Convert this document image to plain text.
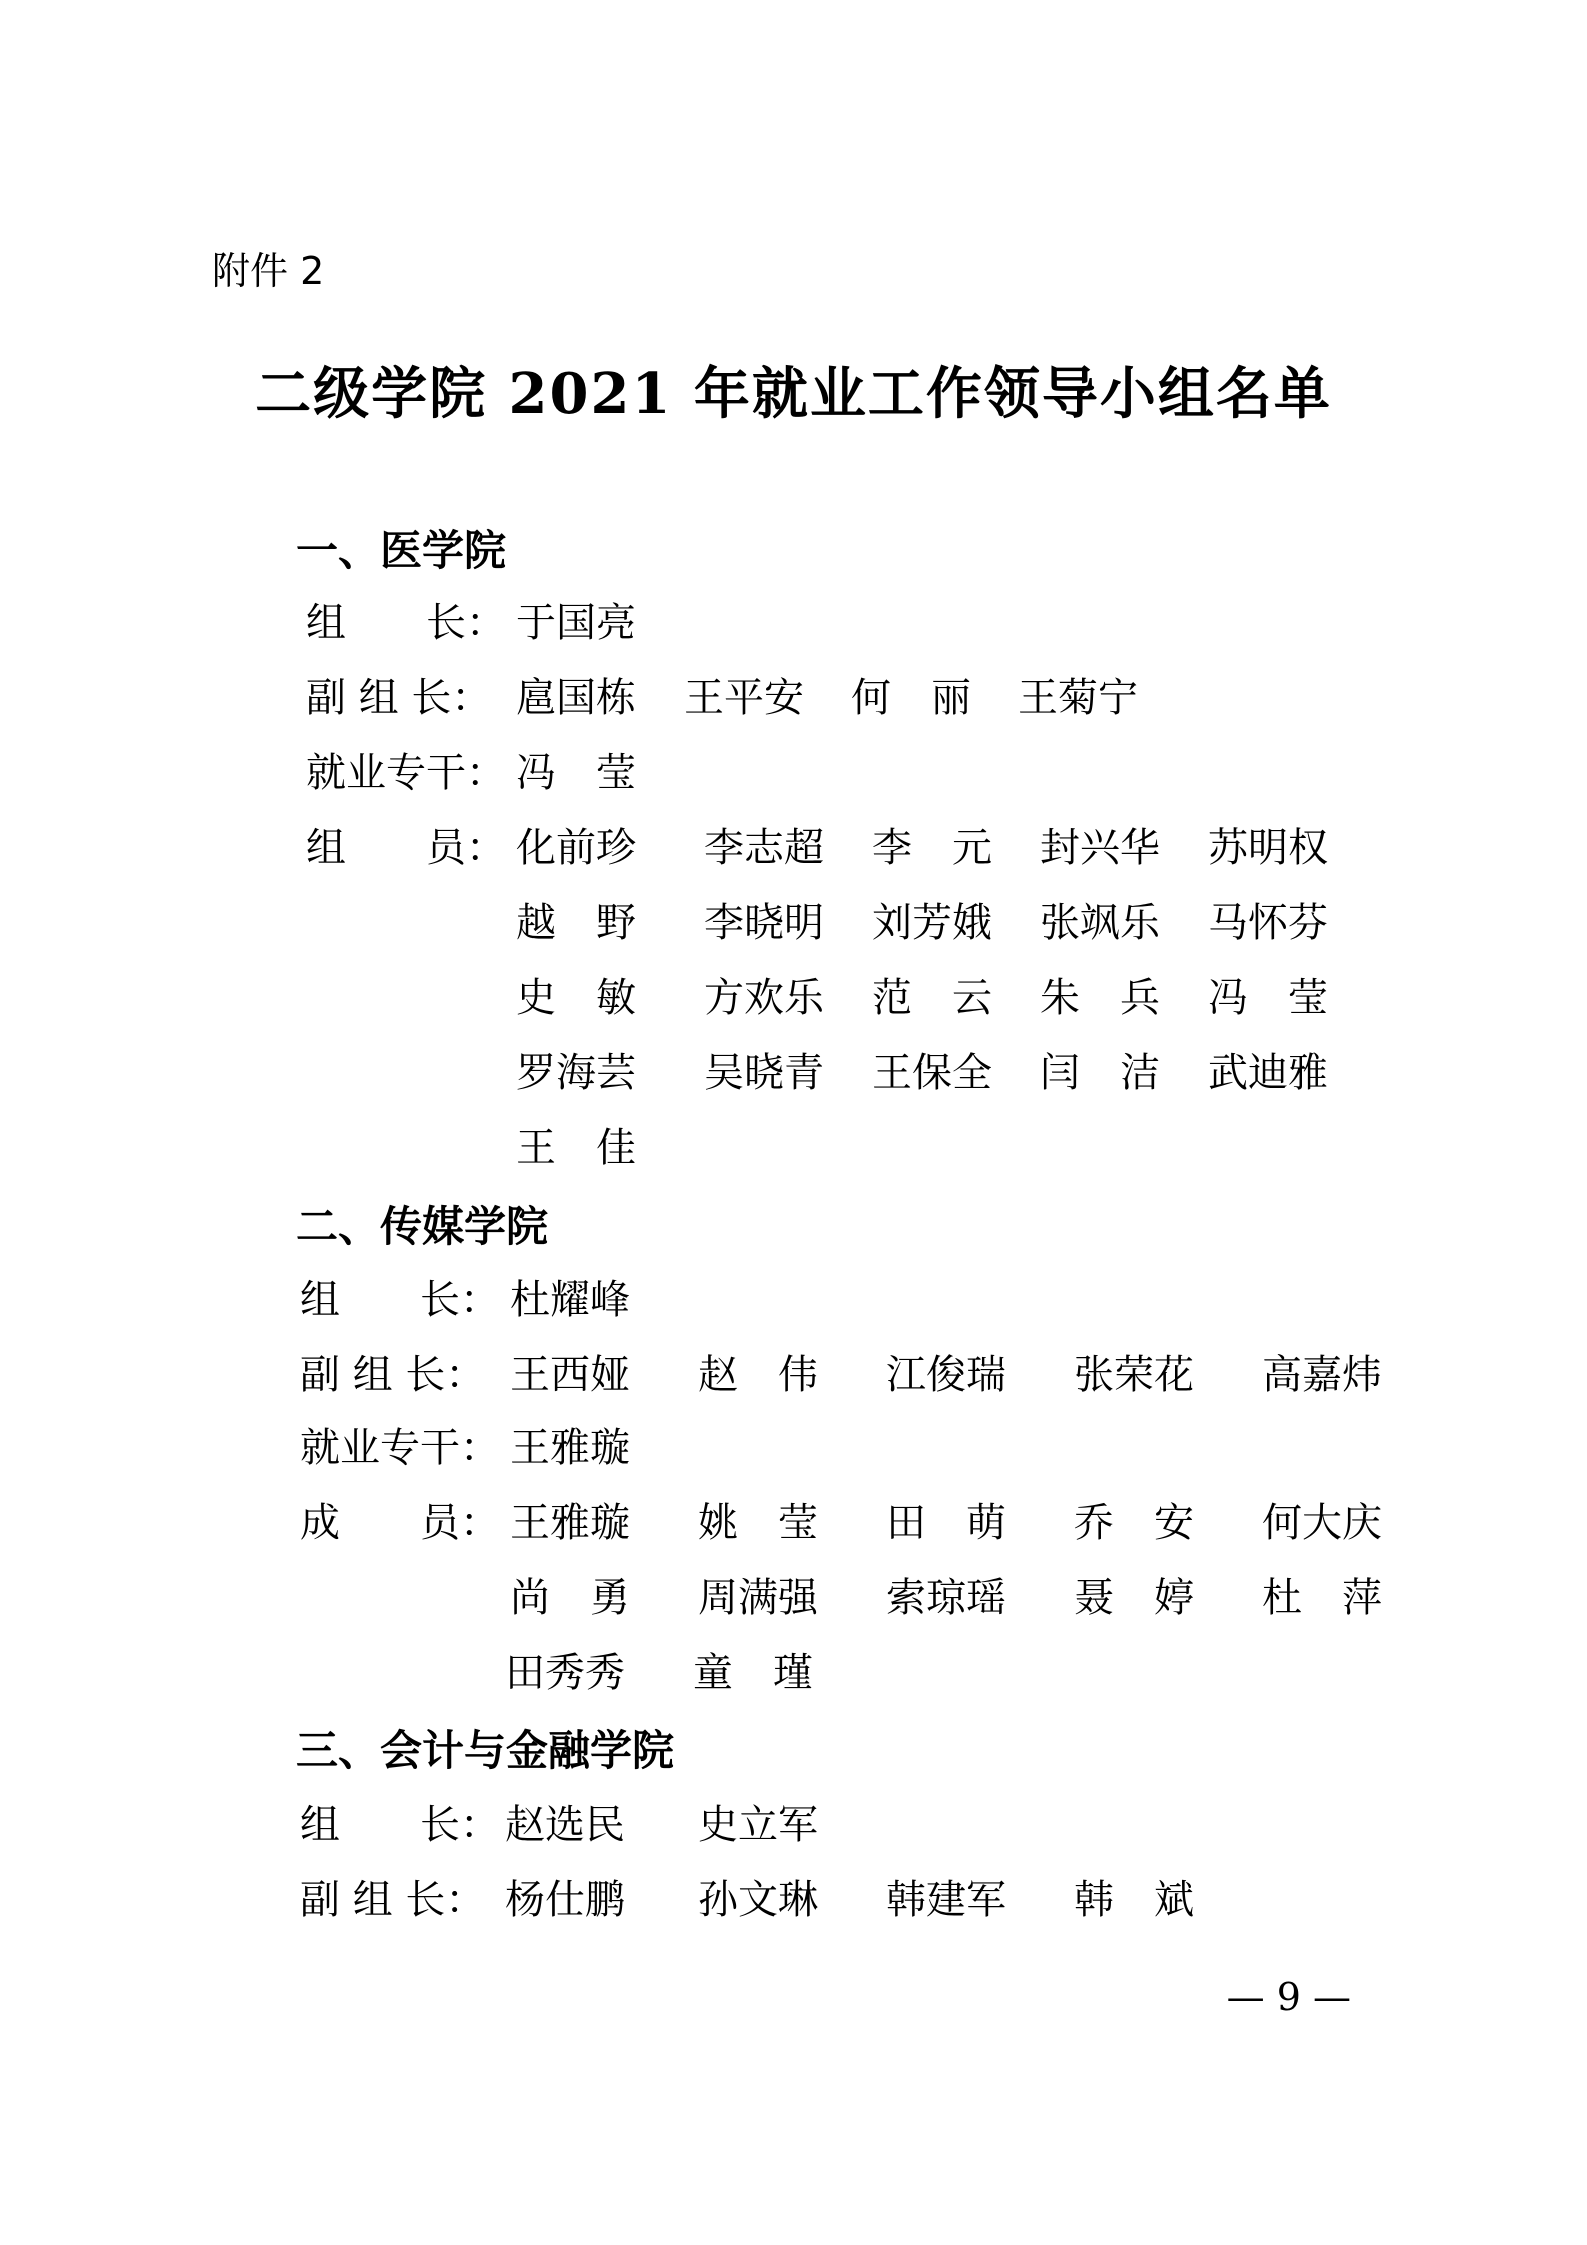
附件 2
二级学院 2021 年就业工作领导小组名单
一、医学院
组　　长： 于国亮
副 组 长： 扈国栋 王平安 何　丽 王菊宁
就业专干： 冯　莹
组　　员： 化前珍 李志超 李　元 封兴华 苏明权
越　野 李晓明 刘芳娥 张飒乐 马怀芬
史　敏 方欢乐 范　云 朱　兵 冯　莹
罗海芸 吴晓青 王保全 闫　洁 武迪雅
王　佳
二、传媒学院
组　　长： 杜耀峰
副 组 长： 王西娅 赵　伟 江俊瑞 张荣花 高嘉炜
就业专干： 王雅璇
成　　员： 王雅璇 姚　莹 田　萌 乔　安 何大庆
尚　勇 周满强 索琼瑶 聂　婷 杜　萍
田秀秀 童　瑾
三、会计与金融学院
组　　长： 赵选民 史立军
副 组 长： 杨仕鹏 孙文琳 韩建军 韩　斌
— 9 —
